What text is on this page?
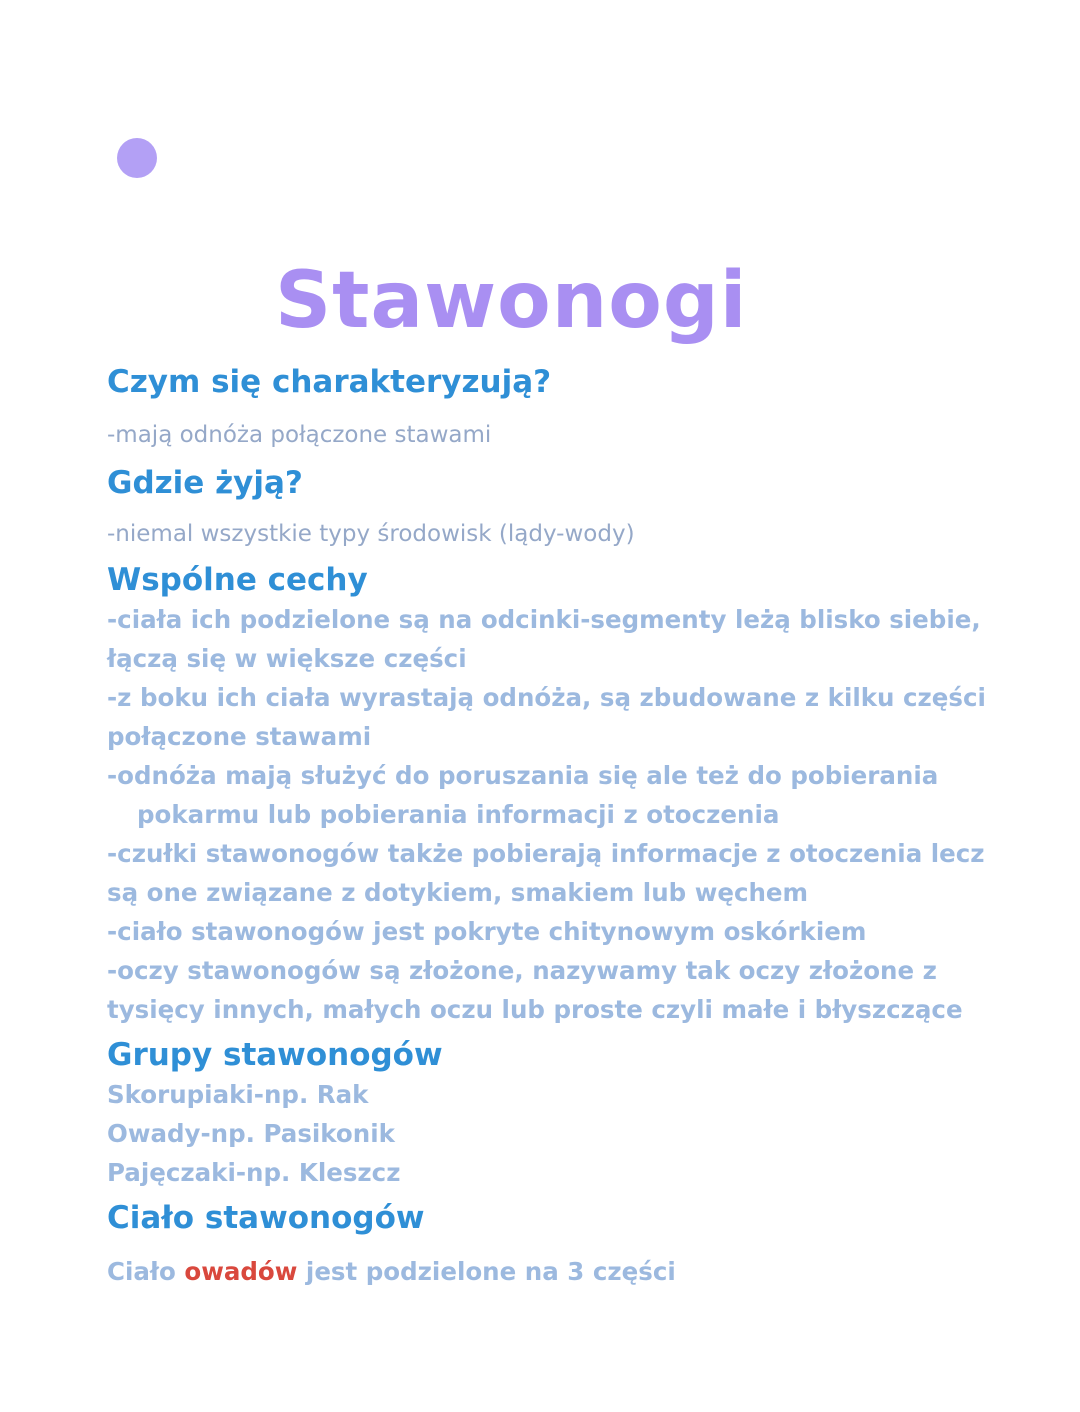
Stawonogi
Czym się charakteryzują?
-mają odnóża połączone stawami
Gdzie żyją?
-niemal wszystkie typy środowisk (lądy-wody)
Wspólne cechy
-ciała ich podzielone są na odcinki-segmenty leżą blisko siebie,
łączą się w większe części
-z boku ich ciała wyrastają odnóża, są zbudowane z kilku części
połączone stawami
-odnóża mają służyć do poruszania się ale też do pobierania
pokarmu lub pobierania informacji z otoczenia
-czułki stawonogów także pobierają informacje z otoczenia lecz
są one związane z dotykiem, smakiem lub węchem
-ciało stawonogów jest pokryte chitynowym oskórkiem
-oczy stawonogów są złożone, nazywamy tak oczy złożone z
tysięcy innych, małych oczu lub proste czyli małe i błyszczące
Grupy stawonogów
Skorupiaki-np. Rak
Owady-np. Pasikonik
Pajęczaki-np. Kleszcz
Ciało stawonogów
Ciało owadów jest podzielone na 3 części
